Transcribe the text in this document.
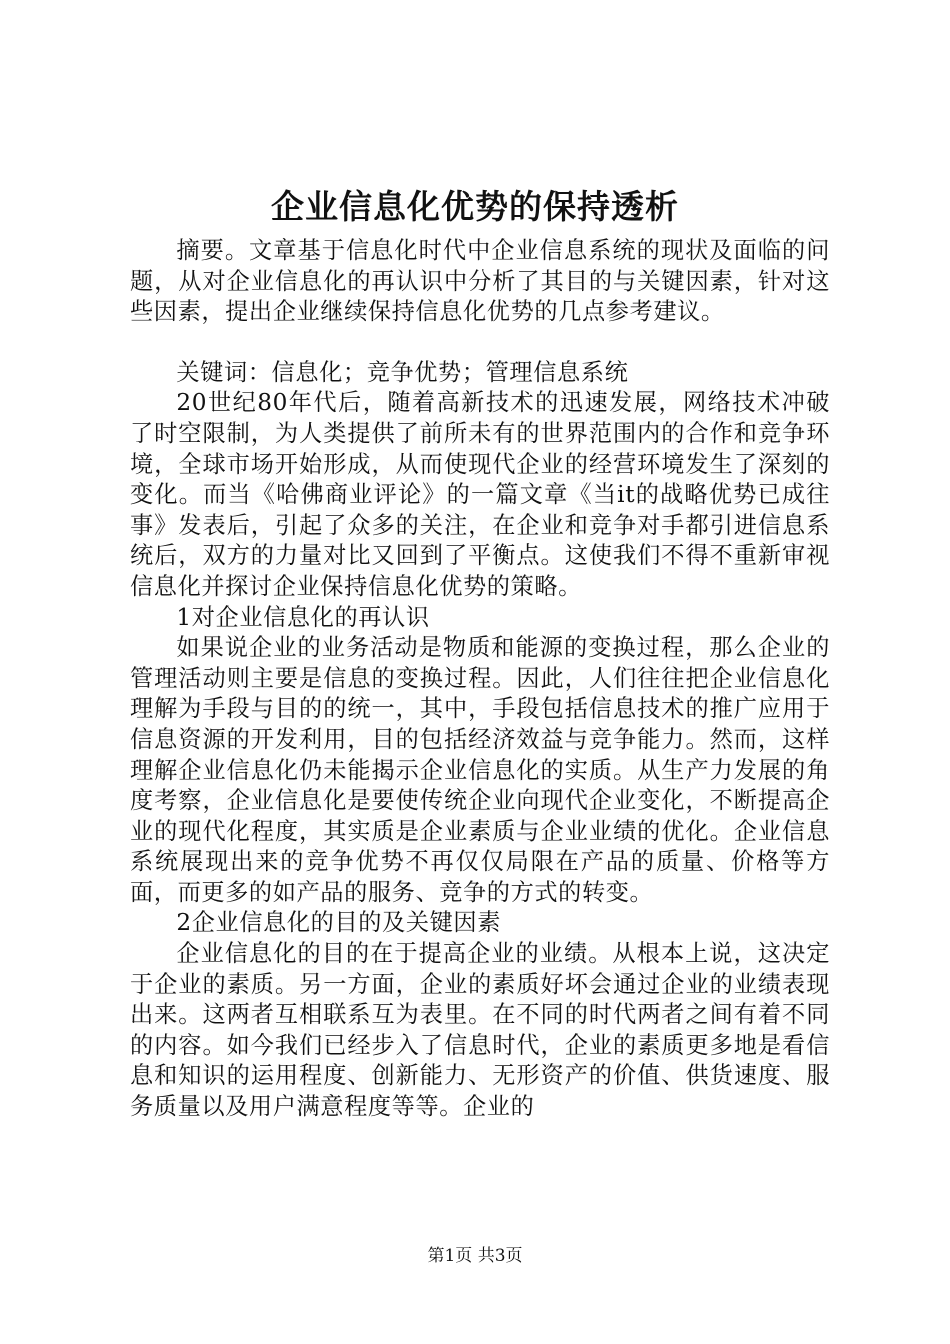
企业信息化优势的保持透析

摘要。文章基于信息化时代中企业信息系统的现状及面临的问题，从对企业信息化的再认识中分析了其目的与关键因素，针对这些因素，提出企业继续保持信息化优势的几点参考建议。

关键词：信息化；竞争优势；管理信息系统

20世纪80年代后，随着高新技术的迅速发展，网络技术冲破了时空限制，为人类提供了前所未有的世界范围内的合作和竞争环境，全球市场开始形成，从而使现代企业的经营环境发生了深刻的变化。而当《哈佛商业评论》的一篇文章《当it的战略优势已成往事》发表后，引起了众多的关注，在企业和竞争对手都引进信息系统后，双方的力量对比又回到了平衡点。这使我们不得不重新审视信息化并探讨企业保持信息化优势的策略。

1对企业信息化的再认识

如果说企业的业务活动是物质和能源的变换过程，那么企业的管理活动则主要是信息的变换过程。因此，人们往往把企业信息化理解为手段与目的的统一，其中，手段包括信息技术的推广应用于信息资源的开发利用，目的包括经济效益与竞争能力。然而，这样理解企业信息化仍未能揭示企业信息化的实质。从生产力发展的角度考察，企业信息化是要使传统企业向现代企业变化，不断提高企业的现代化程度，其实质是企业素质与企业业绩的优化。企业信息系统展现出来的竞争优势不再仅仅局限在产品的质量、价格等方面，而更多的如产品的服务、竞争的方式的转变。

2企业信息化的目的及关键因素

企业信息化的目的在于提高企业的业绩。从根本上说，这决定于企业的素质。另一方面，企业的素质好坏会通过企业的业绩表现出来。这两者互相联系互为表里。在不同的时代两者之间有着不同的内容。如今我们已经步入了信息时代，企业的素质更多地是看信息和知识的运用程度、创新能力、无形资产的价值、供货速度、服务质量以及用户满意程度等等。企业的

第1页 共3页
